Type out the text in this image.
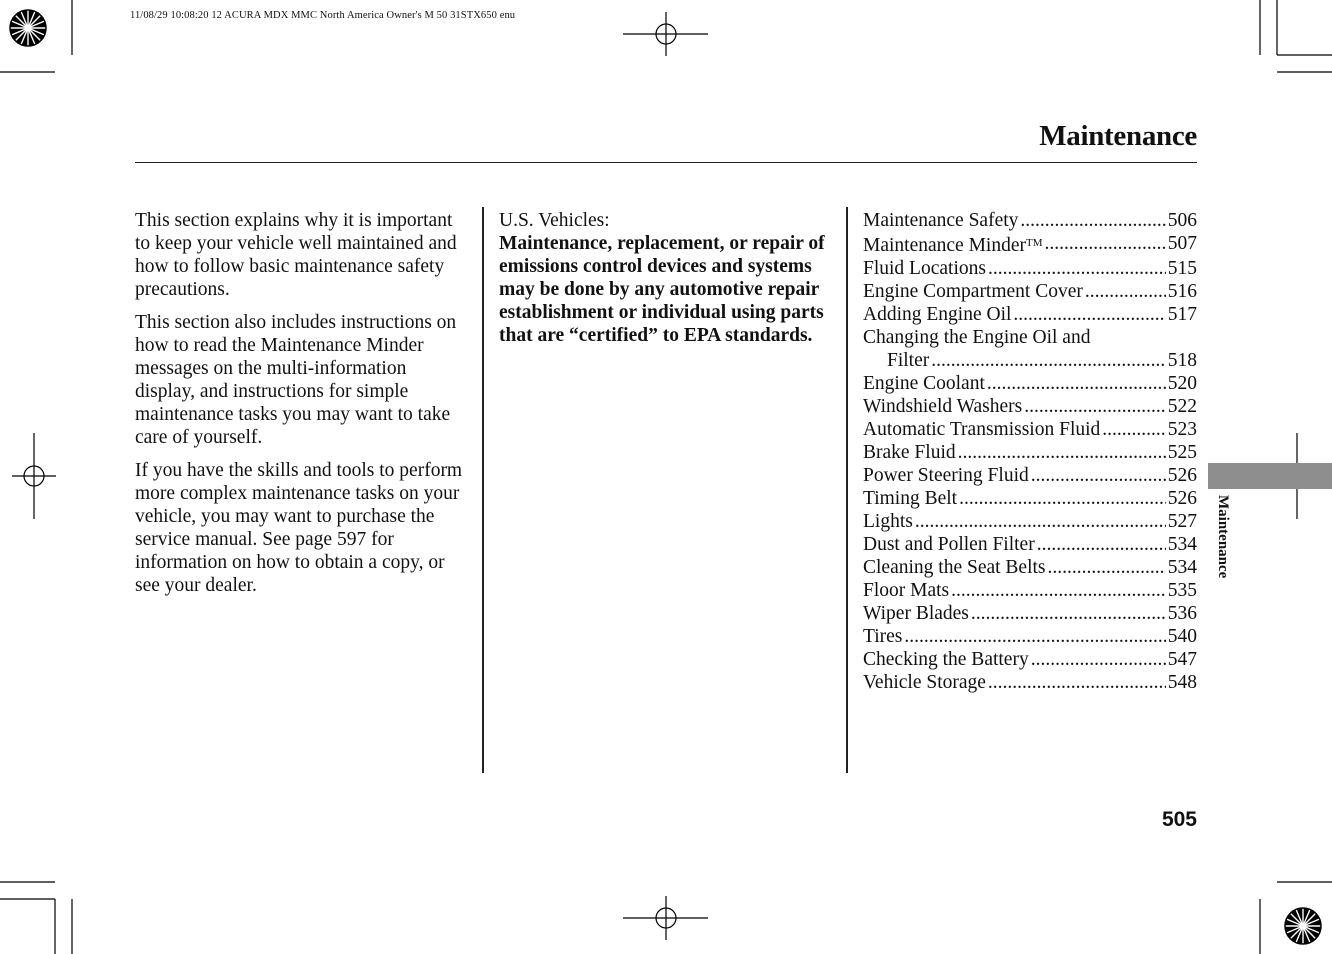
11/08/29 10:08:20 12 ACURA MDX MMC North America Owner's M 50 31STX650 enu
Maintenance

This section explains why it is important to keep your vehicle well maintained and how to follow basic maintenance safety precautions.

This section also includes instructions on how to read the Maintenance Minder messages on the multi-information display, and instructions for simple maintenance tasks you may want to take care of yourself.

If you have the skills and tools to perform more complex maintenance tasks on your vehicle, you may want to purchase the service manual. See page 597 for information on how to obtain a copy, or see your dealer.

U.S. Vehicles:
Maintenance, replacement, or repair of emissions control devices and systems may be done by any automotive repair establishment or individual using parts that are “certified” to EPA standards.
Maintenance Safety .....	506
Maintenance Minder™ .....	507
Fluid Locations .....	515
Engine Compartment Cover .....	516
Adding Engine Oil .....	517
Changing the Engine Oil and
Filter .....	518
Engine Coolant .....	520
Windshield Washers .....	522
Automatic Transmission Fluid .....	523
Brake Fluid .....	525
Power Steering Fluid .....	526
Timing Belt .....	526
Lights .....	527
Dust and Pollen Filter .....	534
Cleaning the Seat Belts .....	534
Floor Mats .....	535
Wiper Blades .....	536
Tires .....	540
Checking the Battery .....	547
Vehicle Storage .....	548
Maintenance
505
